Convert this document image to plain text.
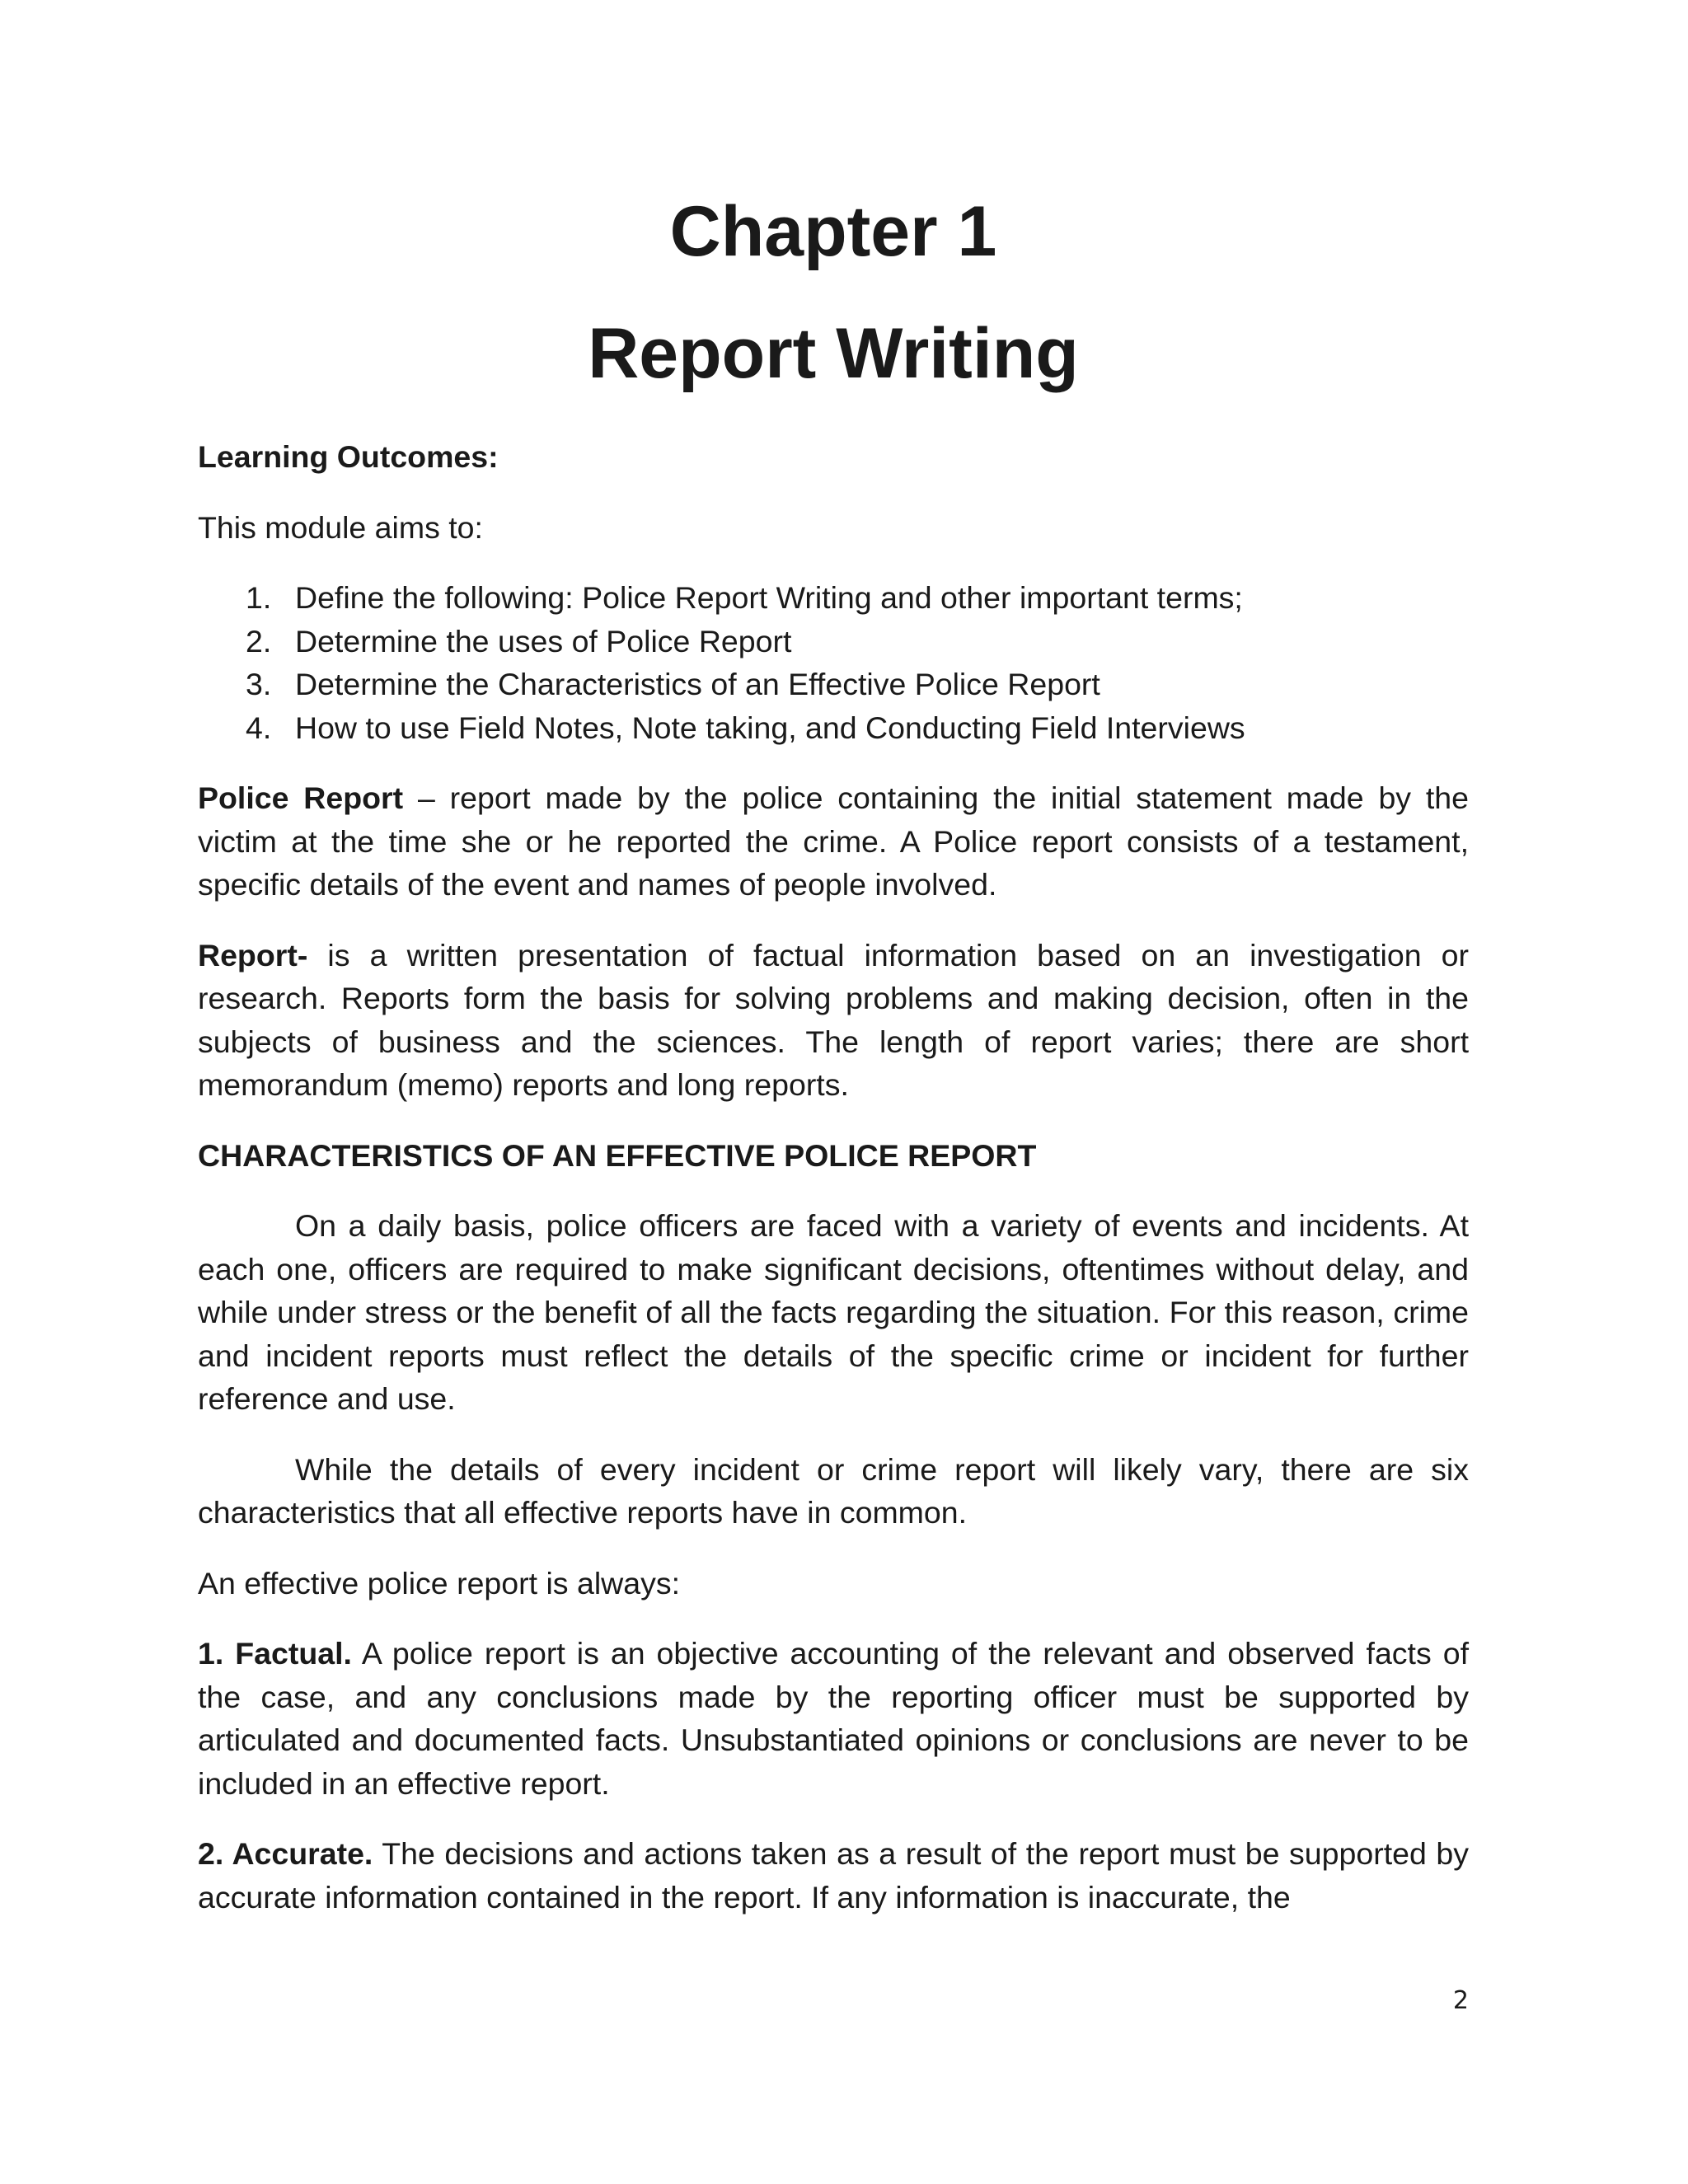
Chapter 1
Report Writing

Learning Outcomes:

This module aims to:

1. Define the following: Police Report Writing and other important terms;
2. Determine the uses of Police Report
3. Determine the Characteristics of an Effective Police Report
4. How to use Field Notes, Note taking, and Conducting Field Interviews

Police Report – report made by the police containing the initial statement made by the victim at the time she or he reported the crime. A Police report consists of a testament, specific details of the event and names of people involved.

Report- is a written presentation of factual information based on an investigation or research. Reports form the basis for solving problems and making decision, often in the subjects of business and the sciences. The length of report varies; there are short memorandum (memo) reports and long reports.

CHARACTERISTICS OF AN EFFECTIVE POLICE REPORT

On a daily basis, police officers are faced with a variety of events and incidents. At each one, officers are required to make significant decisions, oftentimes without delay, and while under stress or the benefit of all the facts regarding the situation. For this reason, crime and incident reports must reflect the details of the specific crime or incident for further reference and use.

While the details of every incident or crime report will likely vary, there are six characteristics that all effective reports have in common.

An effective police report is always:

1. Factual. A police report is an objective accounting of the relevant and observed facts of the case, and any conclusions made by the reporting officer must be supported by articulated and documented facts. Unsubstantiated opinions or conclusions are never to be included in an effective report.

2. Accurate. The decisions and actions taken as a result of the report must be supported by accurate information contained in the report. If any information is inaccurate, the

2
